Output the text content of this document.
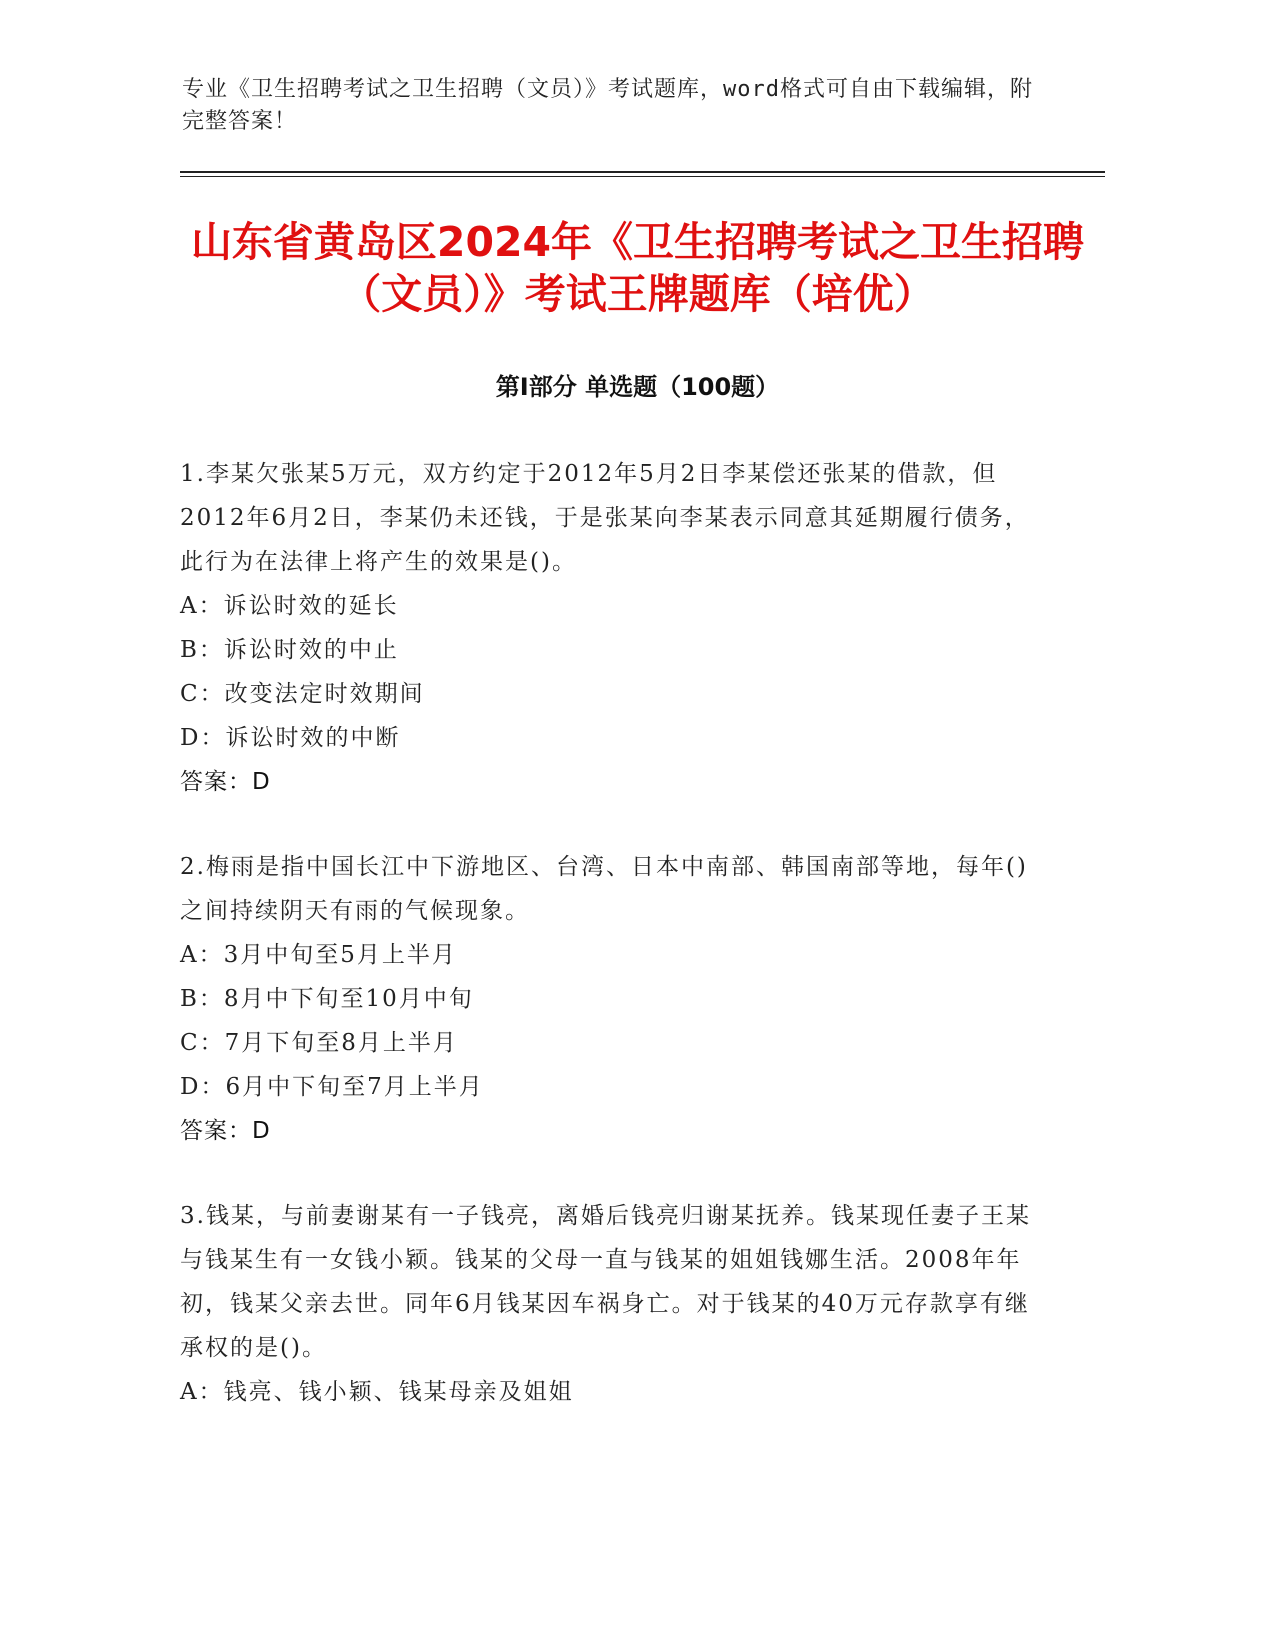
专业《卫生招聘考试之卫生招聘（文员）》考试题库，word格式可自由下载编辑，附完整答案！
山东省黄岛区2024年《卫生招聘考试之卫生招聘（文员）》考试王牌题库（培优）
第I部分 单选题（100题）

1.李某欠张某5万元，双方约定于2012年5月2日李某偿还张某的借款，但2012年6月2日，李某仍未还钱，于是张某向李某表示同意其延期履行债务，此行为在法律上将产生的效果是()。

A：诉讼时效的延长

B：诉讼时效的中止

C：改变法定时效期间

D：诉讼时效的中断

答案：D

2.梅雨是指中国长江中下游地区、台湾、日本中南部、韩国南部等地，每年()之间持续阴天有雨的气候现象。

A：3月中旬至5月上半月

B：8月中下旬至10月中旬

C：7月下旬至8月上半月

D：6月中下旬至7月上半月

答案：D

3.钱某，与前妻谢某有一子钱亮，离婚后钱亮归谢某抚养。钱某现任妻子王某与钱某生有一女钱小颖。钱某的父母一直与钱某的姐姐钱娜生活。2008年年初，钱某父亲去世。同年6月钱某因车祸身亡。对于钱某的40万元存款享有继承权的是()。

A：钱亮、钱小颖、钱某母亲及姐姐
